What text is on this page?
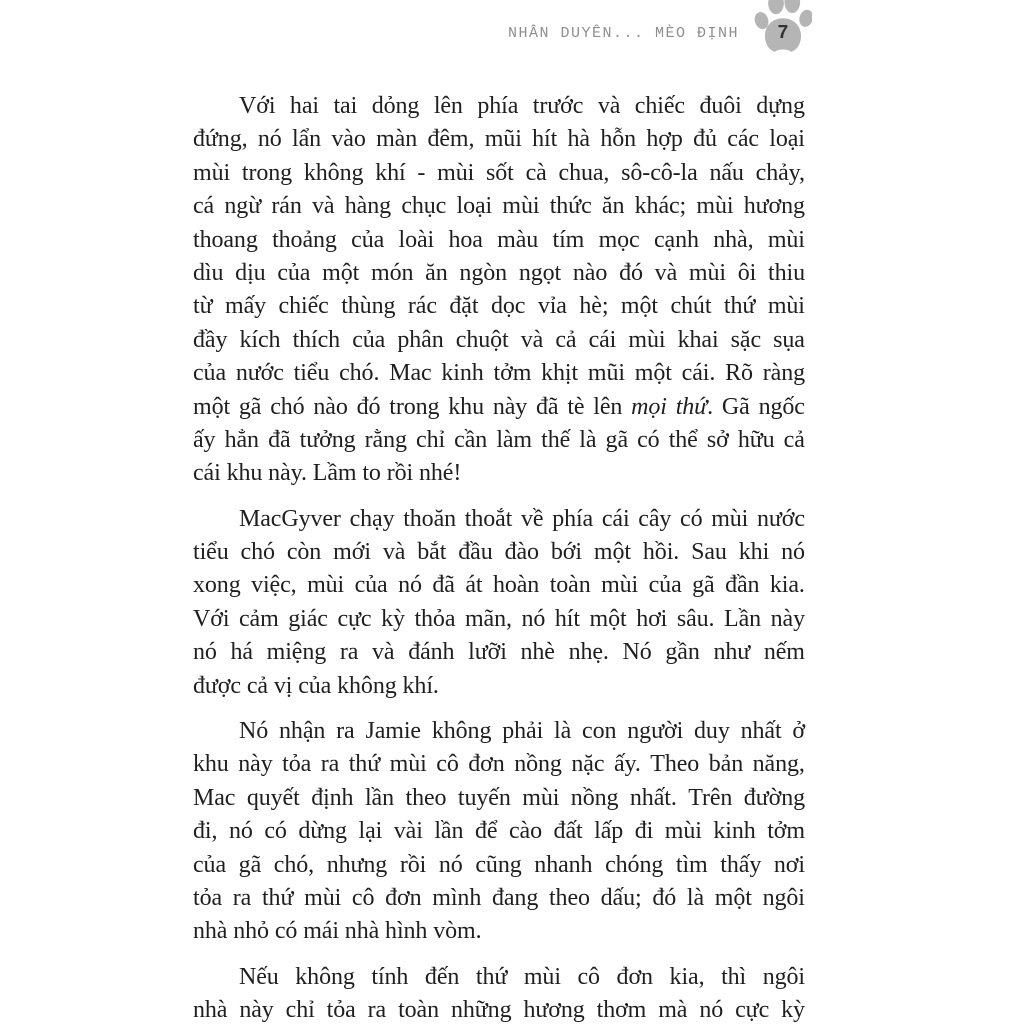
NHÂN DUYÊN... MÈO ĐỊNH	7
Với hai tai dỏng lên phía trước và chiếc đuôi dựng
đứng, nó lẩn vào màn đêm, mũi hít hà hỗn hợp đủ các loại
mùi trong không khí - mùi sốt cà chua, sô-cô-la nấu chảy,
cá ngừ rán và hàng chục loại mùi thức ăn khác; mùi hương
thoang thoảng của loài hoa màu tím mọc cạnh nhà, mùi
dìu dịu của một món ăn ngòn ngọt nào đó và mùi ôi thiu
từ mấy chiếc thùng rác đặt dọc vỉa hè; một chút thứ mùi
đầy kích thích của phân chuột và cả cái mùi khai sặc sụa
của nước tiểu chó. Mac kinh tởm khịt mũi một cái. Rõ ràng
một gã chó nào đó trong khu này đã tè lên mọi thứ. Gã ngốc
ấy hẳn đã tưởng rằng chỉ cần làm thế là gã có thể sở hữu cả
cái khu này. Lầm to rồi nhé!
MacGyver chạy thoăn thoắt về phía cái cây có mùi nước
tiểu chó còn mới và bắt đầu đào bới một hồi. Sau khi nó
xong việc, mùi của nó đã át hoàn toàn mùi của gã đần kia.
Với cảm giác cực kỳ thỏa mãn, nó hít một hơi sâu. Lần này
nó há miệng ra và đánh lưỡi nhè nhẹ. Nó gần như nếm
được cả vị của không khí.
Nó nhận ra Jamie không phải là con người duy nhất ở
khu này tỏa ra thứ mùi cô đơn nồng nặc ấy. Theo bản năng,
Mac quyết định lần theo tuyến mùi nồng nhất. Trên đường
đi, nó có dừng lại vài lần để cào đất lấp đi mùi kinh tởm
của gã chó, nhưng rồi nó cũng nhanh chóng tìm thấy nơi
tỏa ra thứ mùi cô đơn mình đang theo dấu; đó là một ngôi
nhà nhỏ có mái nhà hình vòm.
Nếu không tính đến thứ mùi cô đơn kia, thì ngôi
nhà này chỉ tỏa ra toàn những hương thơm mà nó cực kỳ
